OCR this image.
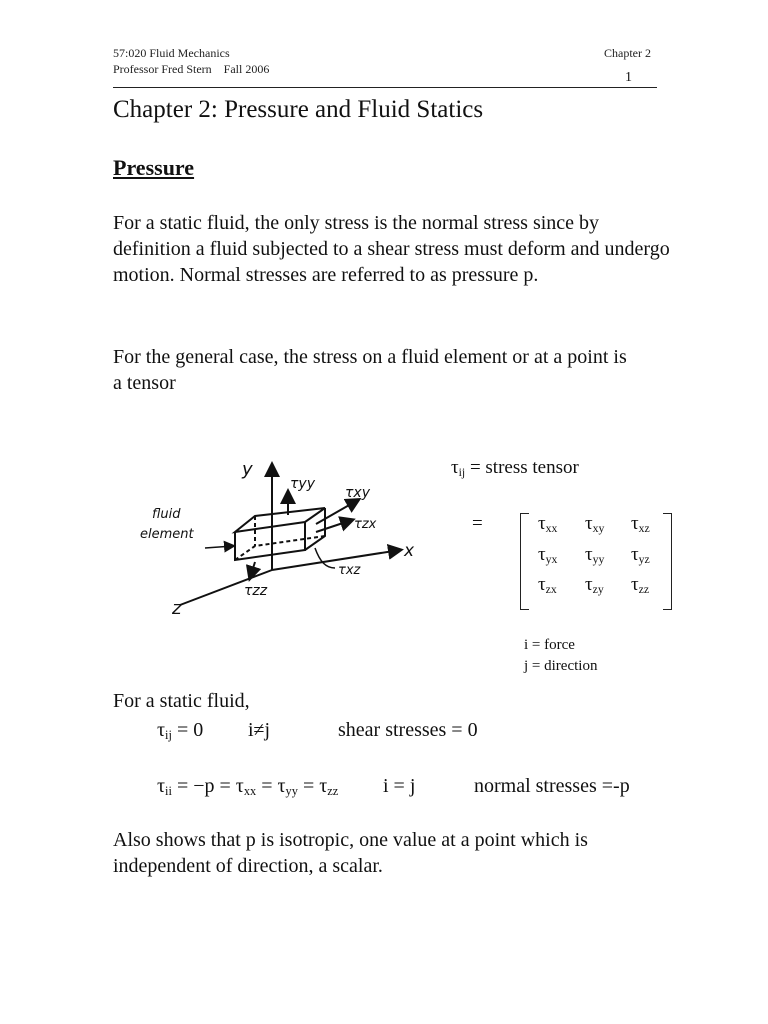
57:020 Fluid Mechanics
Professor Fred Stern    Fall 2006
Chapter 2
1
Chapter 2: Pressure and Fluid Statics
Pressure

For a static fluid, the only stress is the normal stress since by definition a fluid subjected to a shear stress must deform and undergo motion. Normal stresses are referred to as pressure p.

For the general case, the stress on a fluid element or at a point is a tensor

y
x
z
fluid
element
τyy
τxy
τzx
τxz
τzz
$\tau_{ij}$ = stress tensor
=	$\tau_{xx}$ $\tau_{xy}$ $\tau_{xz}$
$\tau_{yx}$ $\tau_{yy}$ $\tau_{yz}$
$\tau_{zx}$ $\tau_{zy}$ $\tau_{zz}$
i = force
j = direction
For a static fluid,
$\tau_{ij} = 0$ i≠j	shear stresses = 0
$\tau_{ii} = -p = \tau_{xx} = \tau_{yy} = \tau_{zz}$ i = j	normal stresses =-p

Also shows that p is isotropic, one value at a point which is independent of direction, a scalar.
